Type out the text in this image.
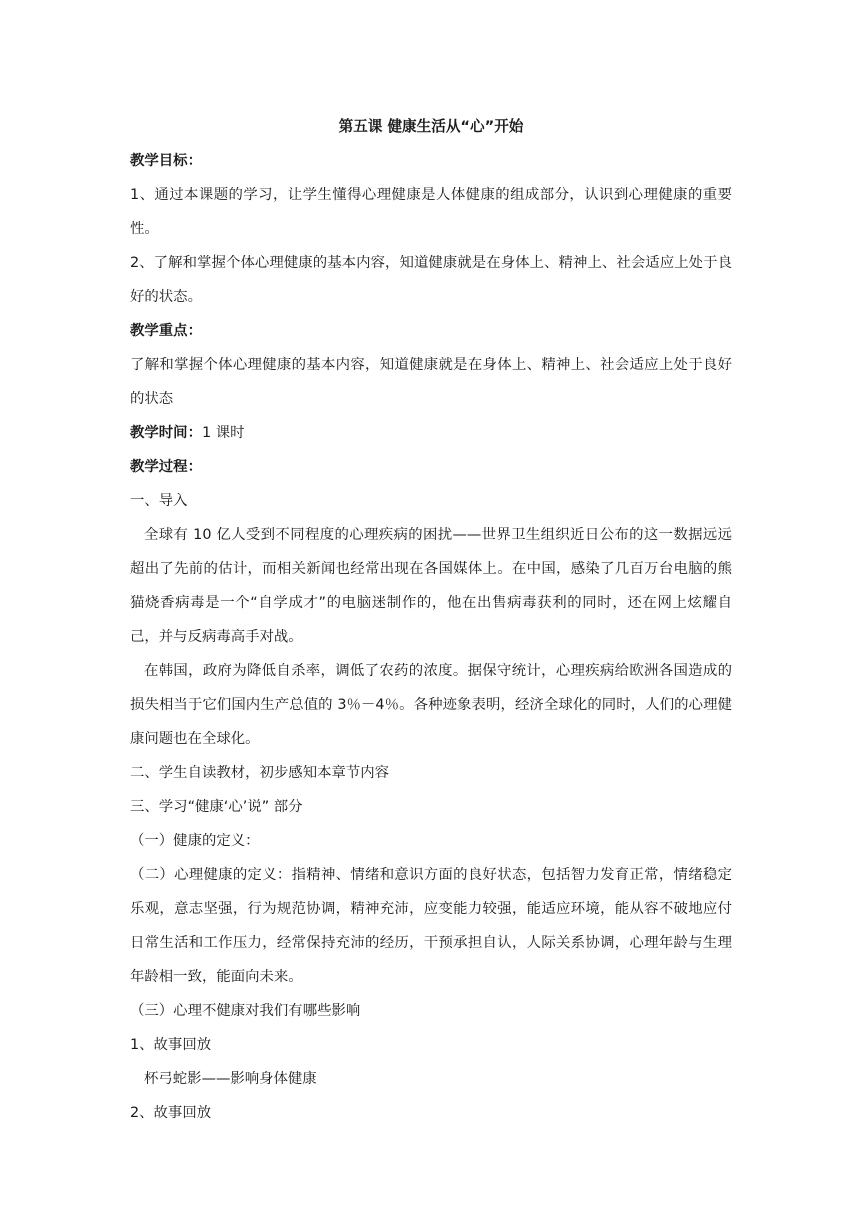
第五课 健康生活从“心”开始

教学目标：

1、通过本课题的学习，让学生懂得心理健康是人体健康的组成部分，认识到心理健康的重要性。

2、了解和掌握个体心理健康的基本内容，知道健康就是在身体上、精神上、社会适应上处于良好的状态。

教学重点：

了解和掌握个体心理健康的基本内容，知道健康就是在身体上、精神上、社会适应上处于良好的状态

教学时间：1 课时

教学过程：

一、导入

全球有 10 亿人受到不同程度的心理疾病的困扰——世界卫生组织近日公布的这一数据远远超出了先前的估计，而相关新闻也经常出现在各国媒体上。在中国，感染了几百万台电脑的熊猫烧香病毒是一个“自学成才”的电脑迷制作的，他在出售病毒获利的同时，还在网上炫耀自己，并与反病毒高手对战。

在韩国，政府为降低自杀率，调低了农药的浓度。据保守统计，心理疾病给欧洲各国造成的损失相当于它们国内生产总值的 3％－4％。各种迹象表明，经济全球化的同时，人们的心理健康问题也在全球化。

二、学生自读教材，初步感知本章节内容

三、学习“健康‘心’说” 部分

（一）健康的定义：

（二）心理健康的定义：指精神、情绪和意识方面的良好状态，包括智力发育正常，情绪稳定乐观，意志坚强，行为规范协调，精神充沛，应变能力较强，能适应环境，能从容不破地应付日常生活和工作压力，经常保持充沛的经历，干预承担自认，人际关系协调，心理年龄与生理年龄相一致，能面向未来。

（三）心理不健康对我们有哪些影响

1、故事回放

杯弓蛇影——影响身体健康

2、故事回放
